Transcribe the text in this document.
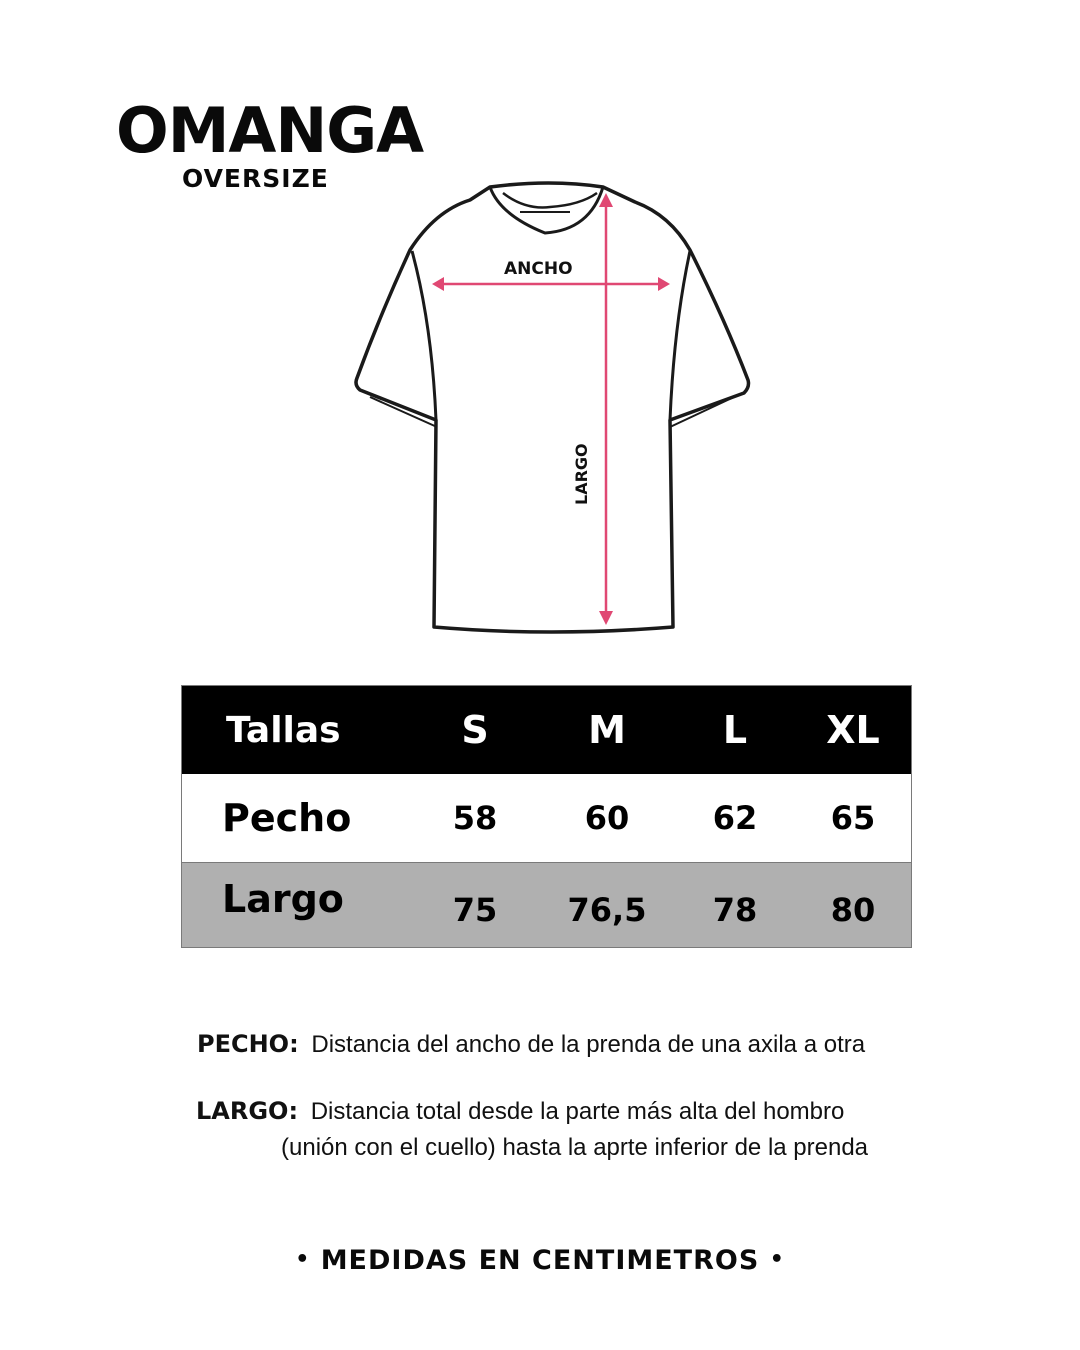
OMANGA
OVERSIZE
ANCHO
LARGO
Tallas	S	M	L	XL
Pecho	58	60	62	65
Largo	75	76,5	78	80
PECHO: Distancia del ancho de la prenda de una axila a otra
LARGO: Distancia total desde la parte más alta del hombro
(unión con el cuello) hasta la aprte inferior de la prenda
• MEDIDAS EN CENTIMETROS •
